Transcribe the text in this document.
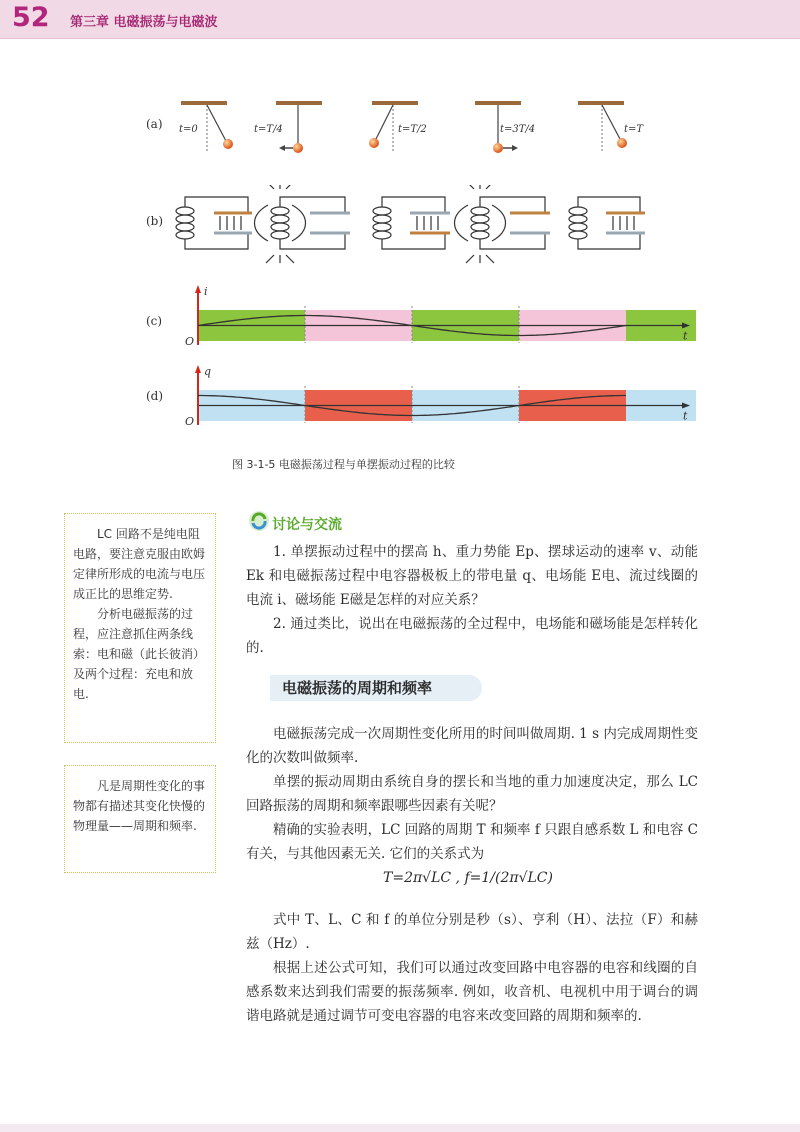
52 第三章 电磁振荡与电磁波
(a)
(b)
(c)
(d)
t=0	t=T/4	t=T/2	t=3T/4	t=T
i
t
O
q
t
O
图 3-1-5 电磁振荡过程与单摆振动过程的比较

LC 回路不是纯电阻电路，要注意克服由欧姆定律所形成的电流与电压成正比的思维定势.

分析电磁振荡的过程，应注意抓住两条线索：电和磁（此长彼消）及两个过程：充电和放电.

凡是周期性变化的事物都有描述其变化快慢的物理量——周期和频率.

讨论与交流

1. 单摆振动过程中的摆高 h、重力势能 Ep、摆球运动的速率 v、动能 Ek 和电磁振荡过程中电容器极板上的带电量 q、电场能 E电、流过线圈的电流 i、磁场能 E磁是怎样的对应关系？

2. 通过类比，说出在电磁振荡的全过程中，电场能和磁场能是怎样转化的.

电磁振荡的周期和频率

电磁振荡完成一次周期性变化所用的时间叫做周期. 1 s 内完成周期性变化的次数叫做频率.

单摆的振动周期由系统自身的摆长和当地的重力加速度决定，那么 LC 回路振荡的周期和频率跟哪些因素有关呢？

精确的实验表明，LC 回路的周期 T 和频率 f 只跟自感系数 L 和电容 C 有关，与其他因素无关. 它们的关系式为

T=2π√LC , f=1/(2π√LC)

式中 T、L、C 和 f 的单位分别是秒（s）、亨利（H）、法拉（F）和赫兹（Hz）.

根据上述公式可知，我们可以通过改变回路中电容器的电容和线圈的自感系数来达到我们需要的振荡频率. 例如，收音机、电视机中用于调台的调谐电路就是通过调节可变电容器的电容来改变回路的周期和频率的.
